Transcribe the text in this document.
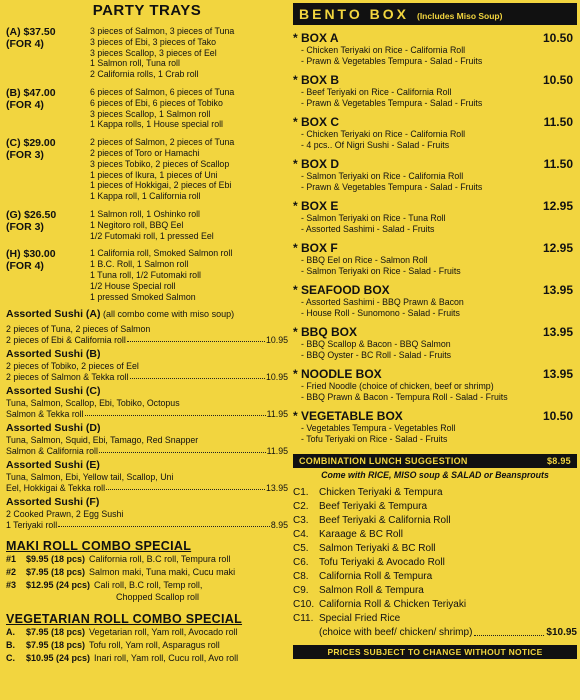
PARTY TRAYS
(A) $37.50
(FOR 4)
3 pieces of Salmon, 3 pieces of Tuna
3 pieces of Ebi, 3 pieces of Tako
3 pieces Scallop, 3 pieces of Eel
1 Salmon roll, Tuna roll
2 California rolls, 1 Crab roll
(B) $47.00
(FOR 4)
6 pieces of Salmon, 6 pieces of Tuna
6 pieces of Ebi, 6 pieces of Tobiko
3 pieces Scallop, 1 Salmon roll
1 Kappa rolls, 1 House special roll
(C) $29.00
(FOR 3)
2 pieces of Salmon, 2 pieces of Tuna
2 pieces of Toro or Hamachi
3 pieces Tobiko, 2 pieces of Scallop
1 pieces of Ikura, 1 pieces of Uni
1 pieces of Hokkigai, 2 pieces of Ebi
1 Kappa roll, 1 California roll
(G) $26.50
(FOR 3)
1 Salmon roll, 1 Oshinko roll
1 Negitoro roll, BBQ Eel
1/2 Futomaki roll, 1 pressed Eel
(H) $30.00
(FOR 4)
1 California roll, Smoked Salmon roll
1 B.C. Roll, 1 Salmon roll
1 Tuna roll, 1/2 Futomaki roll
1/2 House Special roll
1 pressed Smoked Salmon
Assorted Sushi (A) (all combo come with miso soup)
2 pieces of Tuna, 2 pieces of Salmon
2 pieces of Ebi & California roll	10.95
Assorted Sushi (B)
2 pieces of Tobiko, 2 pieces of Eel
2 pieces of Salmon & Tekka roll	10.95
Assorted Sushi (C)
Tuna, Salmon, Scallop, Ebi, Tobiko, Octopus
Salmon & Tekka roll	11.95
Assorted Sushi (D)
Tuna, Salmon, Squid, Ebi, Tamago, Red Snapper
Salmon & California roll	11.95
Assorted Sushi (E)
Tuna, Salmon, Ebi, Yellow tail, Scallop, Uni
Eel, Hokkigai & Tekka roll	13.95
Assorted Sushi (F)
2 Cooked Prawn, 2 Egg Sushi
1 Teriyaki roll	8.95
MAKI ROLL COMBO SPECIAL
#1	$9.95 (18 pcs) California roll, B.C roll, Tempura roll
#2	$7.95 (18 pcs) Salmon maki, Tuna maki, Cucu maki
#3	$12.95 (24 pcs) Cali roll, B.C roll, Temp roll,
Chopped Scallop roll
VEGETARIAN ROLL COMBO SPECIAL
A.	$7.95 (18 pcs) Vegetarian roll, Yam roll, Avocado roll
B.	$7.95 (18 pcs) Tofu roll, Yam roll, Asparagus roll
C.	$10.95 (24 pcs) Inari roll, Yam roll, Cucu roll, Avo roll
BENTO BOX (Includes Miso Soup)
* BOX A	10.50
- Chicken Teriyaki on Rice - California Roll
- Prawn & Vegetables Tempura - Salad - Fruits
* BOX B	10.50
- Beef Teriyaki on Rice - California Roll
- Prawn & Vegetables Tempura - Salad - Fruits
* BOX C	11.50
- Chicken Teriyaki on Rice - California Roll
- 4 pcs.. Of Nigri Sushi - Salad - Fruits
* BOX D	11.50
- Salmon Teriyaki on Rice - California Roll
- Prawn & Vegetables Tempura - Salad - Fruits
* BOX E	12.95
- Salmon Teriyaki on Rice - Tuna Roll
- Assorted Sashimi - Salad - Fruits
* BOX F	12.95
- BBQ Eel on Rice - Salmon Roll
- Salmon Teriyaki on Rice - Salad - Fruits
* SEAFOOD BOX	13.95
- Assorted Sashimi - BBQ Prawn & Bacon
- House Roll - Sunomono - Salad - Fruits
* BBQ BOX	13.95
- BBQ Scallop & Bacon - BBQ Salmon
- BBQ Oyster - BC Roll - Salad - Fruits
* NOODLE BOX	13.95
- Fried Noodle (choice of chicken, beef or shrimp)
- BBQ Prawn & Bacon - Tempura Roll - Salad - Fruits
* VEGETABLE BOX	10.50
- Vegetables Tempura - Vegetables Roll
- Tofu Teriyaki on Rice - Salad - Fruits
COMBINATION LUNCH SUGGESTION	$8.95
Come with RICE, MISO soup & SALAD or Beansprouts
C1.	Chicken Teriyaki & Tempura
C2.	Beef Teriyaki & Tempura
C3.	Beef Teriyaki & California Roll
C4.	Karaage & BC Roll
C5.	Salmon Teriyaki & BC Roll
C6.	Tofu Teriyaki & Avocado Roll
C8.	California Roll & Tempura
C9.	Salmon Roll & Tempura
C10. California Roll & Chicken Teriyaki
C11. Special Fried Rice
(choice with beef/ chicken/ shrimp)	$10.95
PRICES SUBJECT TO CHANGE WITHOUT NOTICE
